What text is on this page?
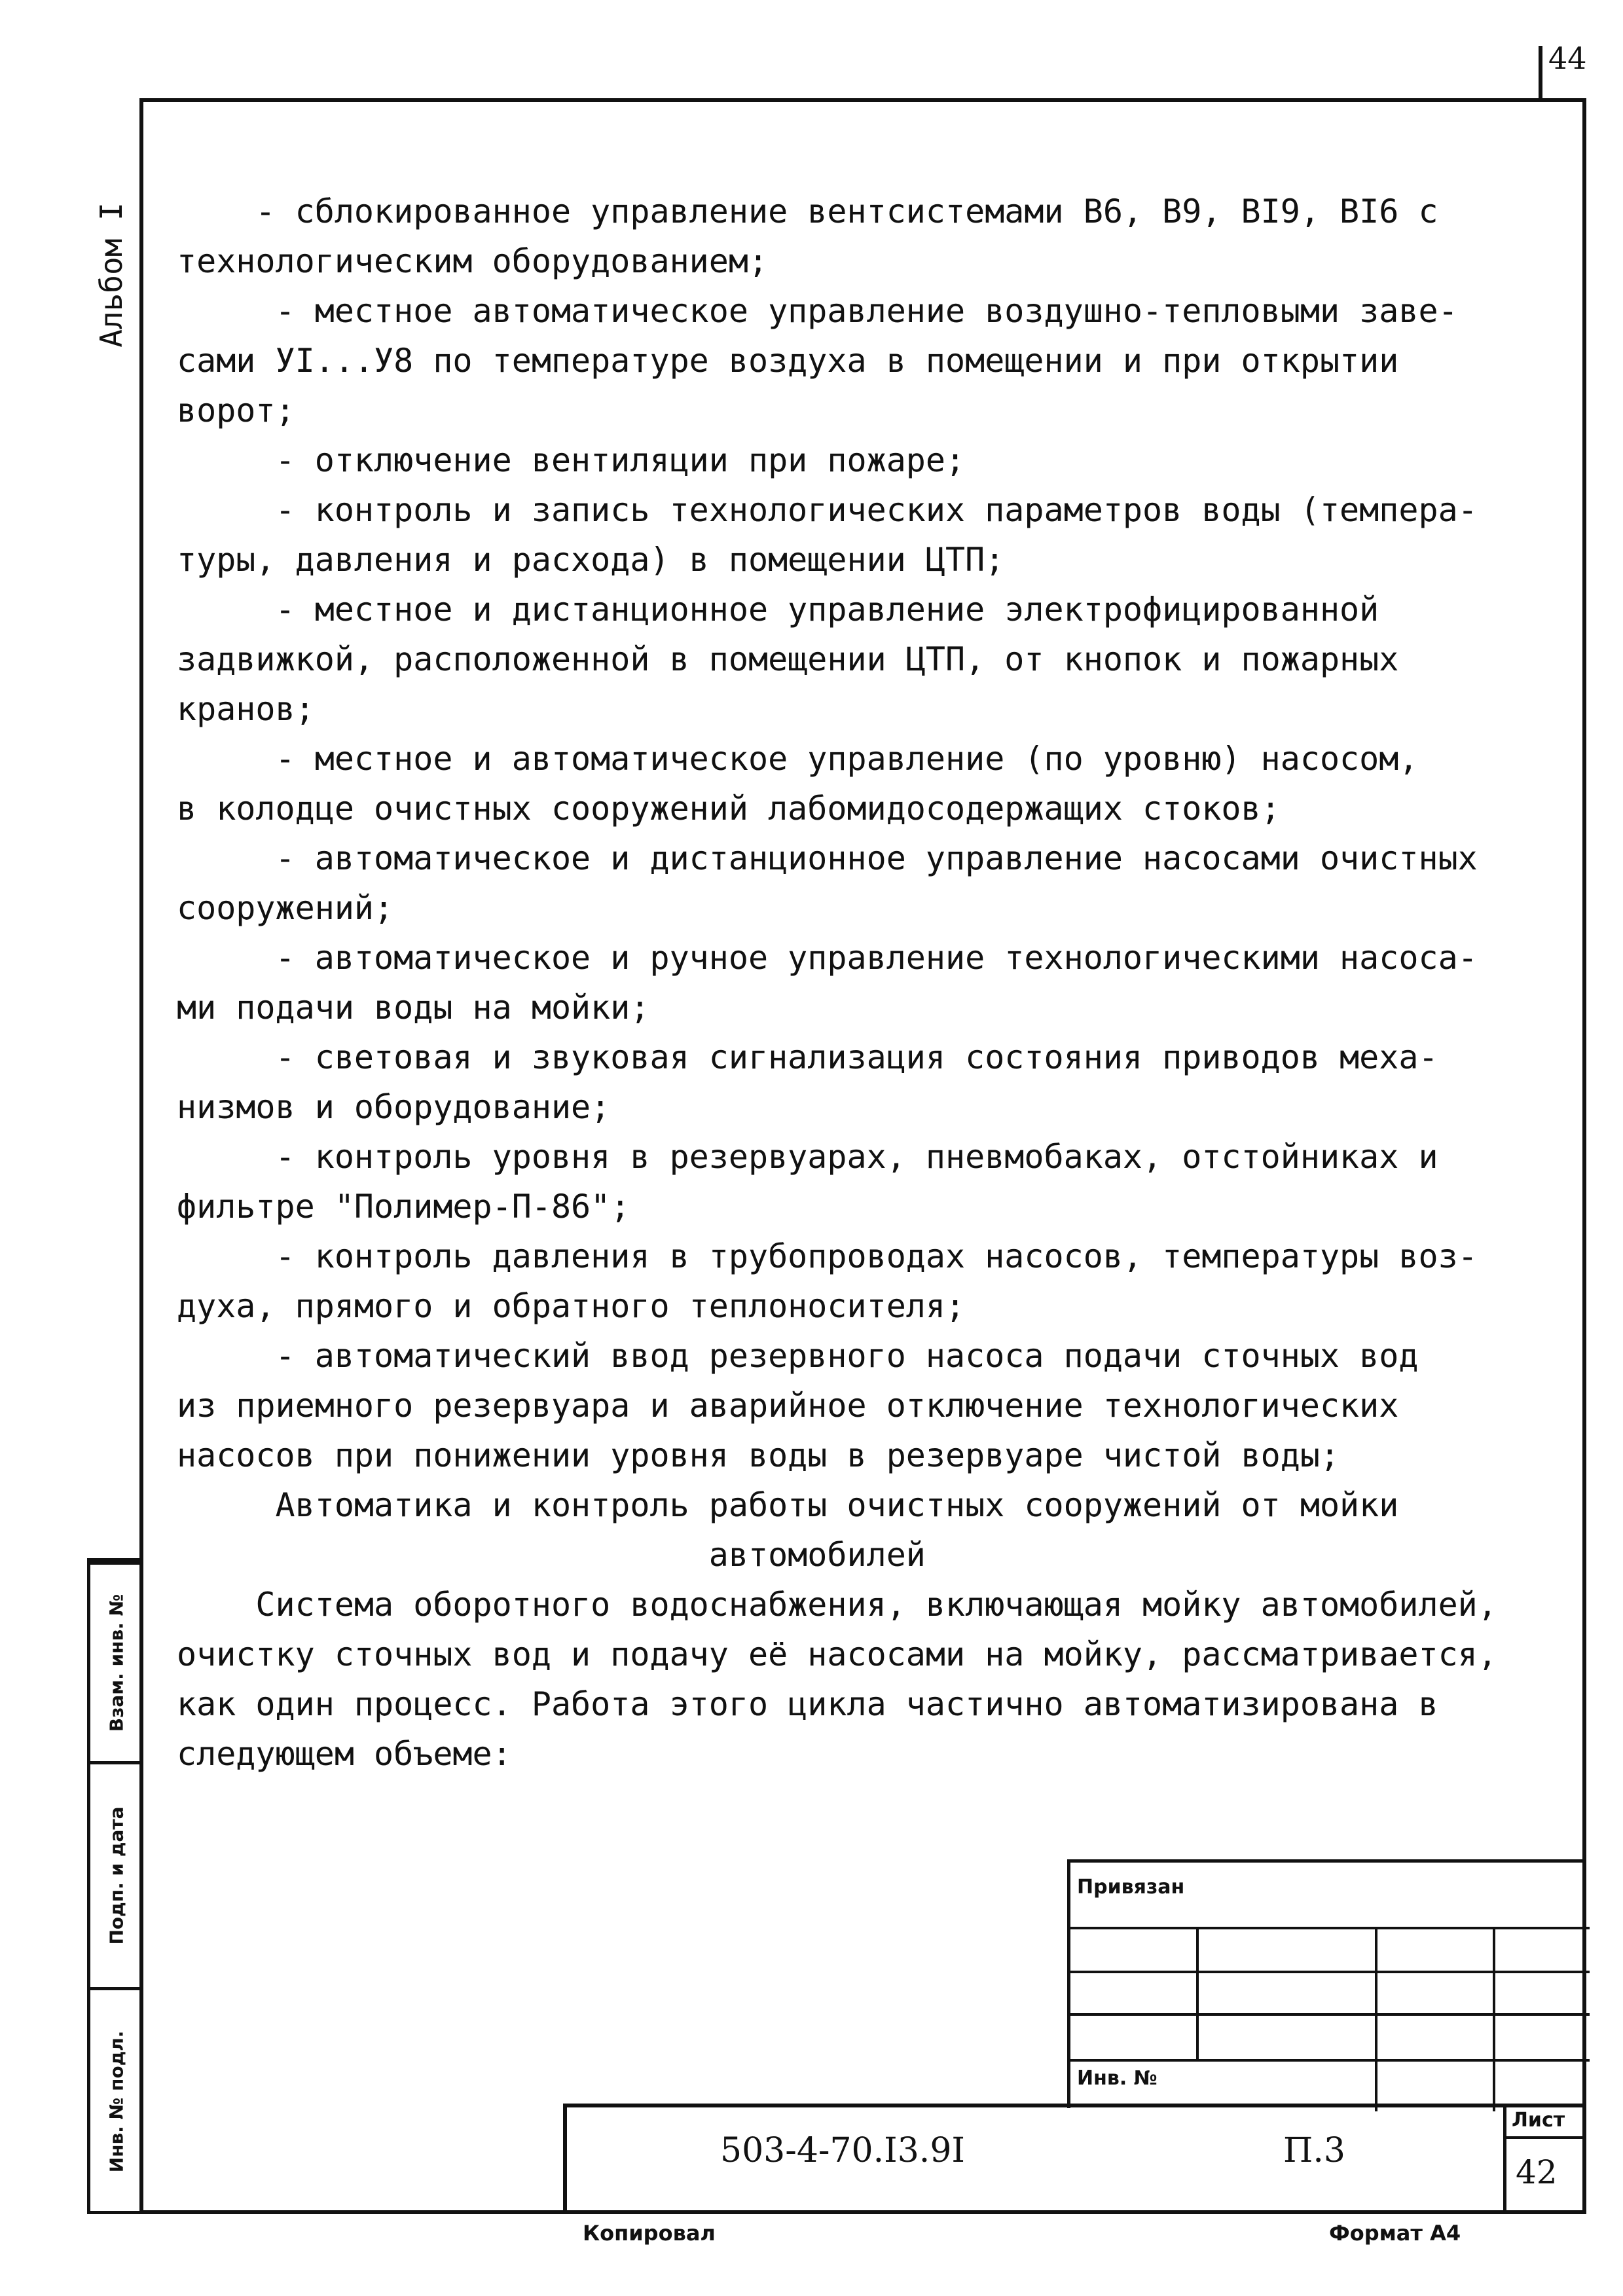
44
Альбом I
Взам. инв. №
Подп. и дата
Инв. № подл.

- сблокированное управление вентсистемами В6, В9, ВI9, ВI6 с

технологическим оборудованием;

- местное автоматическое управление воздушно-тепловыми заве-

сами УI...У8 по температуре воздуха в помещении и при открытии

ворот;

- отключение вентиляции при пожаре;

- контроль и запись технологических параметров воды (темпера-

туры, давления и расхода) в помещении ЦТП;

- местное и дистанционное управление электрофицированной

задвижкой, расположенной в помещении ЦТП, от кнопок и пожарных

кранов;

- местное и автоматическое управление (по уровню) насосом,

в колодце очистных сооружений лабомидосодержащих стоков;

- автоматическое и дистанционное управление насосами очистных

сооружений;

- автоматическое и ручное управление технологическими насоса-

ми подачи воды на мойки;

- световая и звуковая сигнализация состояния приводов меха-

низмов и оборудование;

- контроль уровня в резервуарах, пневмобаках, отстойниках и

фильтре "Полимер-П-86";

- контроль давления в трубопроводах насосов, температуры воз-

духа, прямого и обратного теплоносителя;

- автоматический ввод резервного насоса подачи сточных вод

из приемного резервуара и аварийное отключение технологических

насосов при понижении уровня воды в резервуаре чистой воды;

Автоматика и контроль работы очистных сооружений от мойки

автомобилей

Система оборотного водоснабжения, включающая мойку автомобилей,

очистку сточных вод и подачу её насосами на мойку, рассматривается,

как один процесс. Работа этого цикла частично автоматизирована в

следующем объеме:

Привязан
Инв. №
503-4-70.I3.9I	П.3
Лист
42
Копировал	Формат А4
